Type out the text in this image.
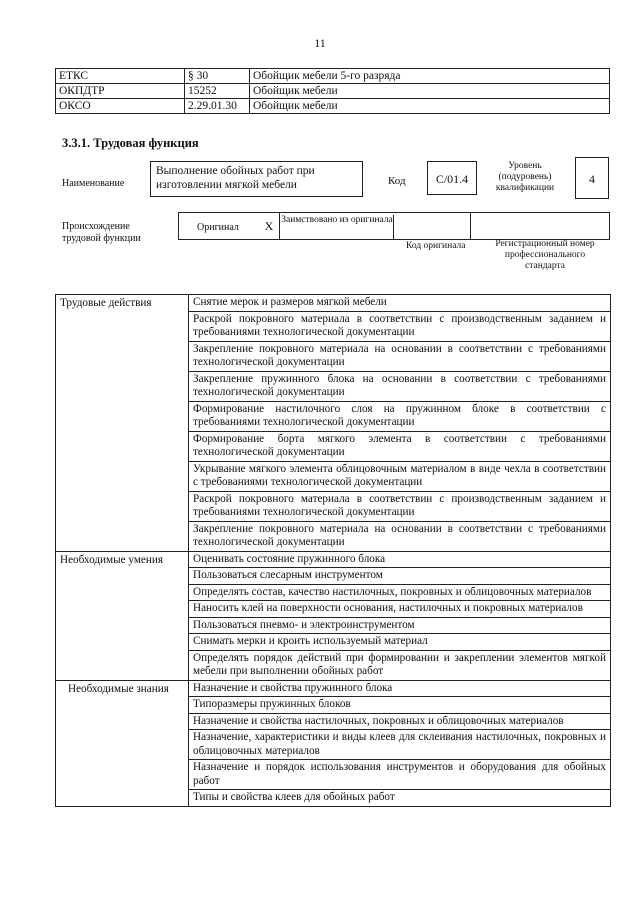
11
ЕТКС	§ 30	Обойщик мебели 5-го разряда
ОКПДТР	15252	Обойщик мебели
ОКСО	2.29.01.30	Обойщик мебели
3.3.1. Трудовая функция
Наименование
Выполнение обойных работ при изготовлении мягкой мебели	Код	C/01.4
Уровень (подуровень) квалификации
4
Происхождение трудовой функции
Оригинал	X Заимствовано из оригинала
Код оригинала	Регистрационный номер профессионального стандарта
Трудовые действия	Снятие мерок и размеров мягкой мебели
	Раскрой покровного материала в соответствии с производственным заданием и требованиями технологической документации
	Закрепление покровного материала на основании в соответствии с требованиями технологической документации
	Закрепление пружинного блока на основании в соответствии с требованиями технологической документации
	Формирование настилочного слоя на пружинном блоке в соответствии с требованиями технологической документации
	Формирование борта мягкого элемента в соответствии с требованиями технологической документации
	Укрывание мягкого элемента облицовочным материалом в виде чехла в соответствии с требованиями технологической документации
	Раскрой покровного материала в соответствии с производственным заданием и требованиями технологической документации
	Закрепление покровного материала на основании в соответствии с требованиями технологической документации
Необходимые умения	Оценивать состояние пружинного блока
	Пользоваться слесарным инструментом
	Определять состав, качество настилочных, покровных и облицовочных материалов
	Наносить клей на поверхности основания, настилочных и покровных материалов
	Пользоваться пневмо- и электроинструментом
	Снимать мерки и кроить используемый материал
	Определять порядок действий при формировании и закреплении элементов мягкой мебели при выполнении обойных работ
Необходимые знания	Назначение и свойства пружинного блока
	Типоразмеры пружинных блоков
	Назначение и свойства настилочных, покровных и облицовочных материалов
	Назначение, характеристики и виды клеев для склеивания настилочных, покровных и облицовочных материалов
	Назначение и порядок использования инструментов и оборудования для обойных работ
	Типы и свойства клеев для обойных работ
